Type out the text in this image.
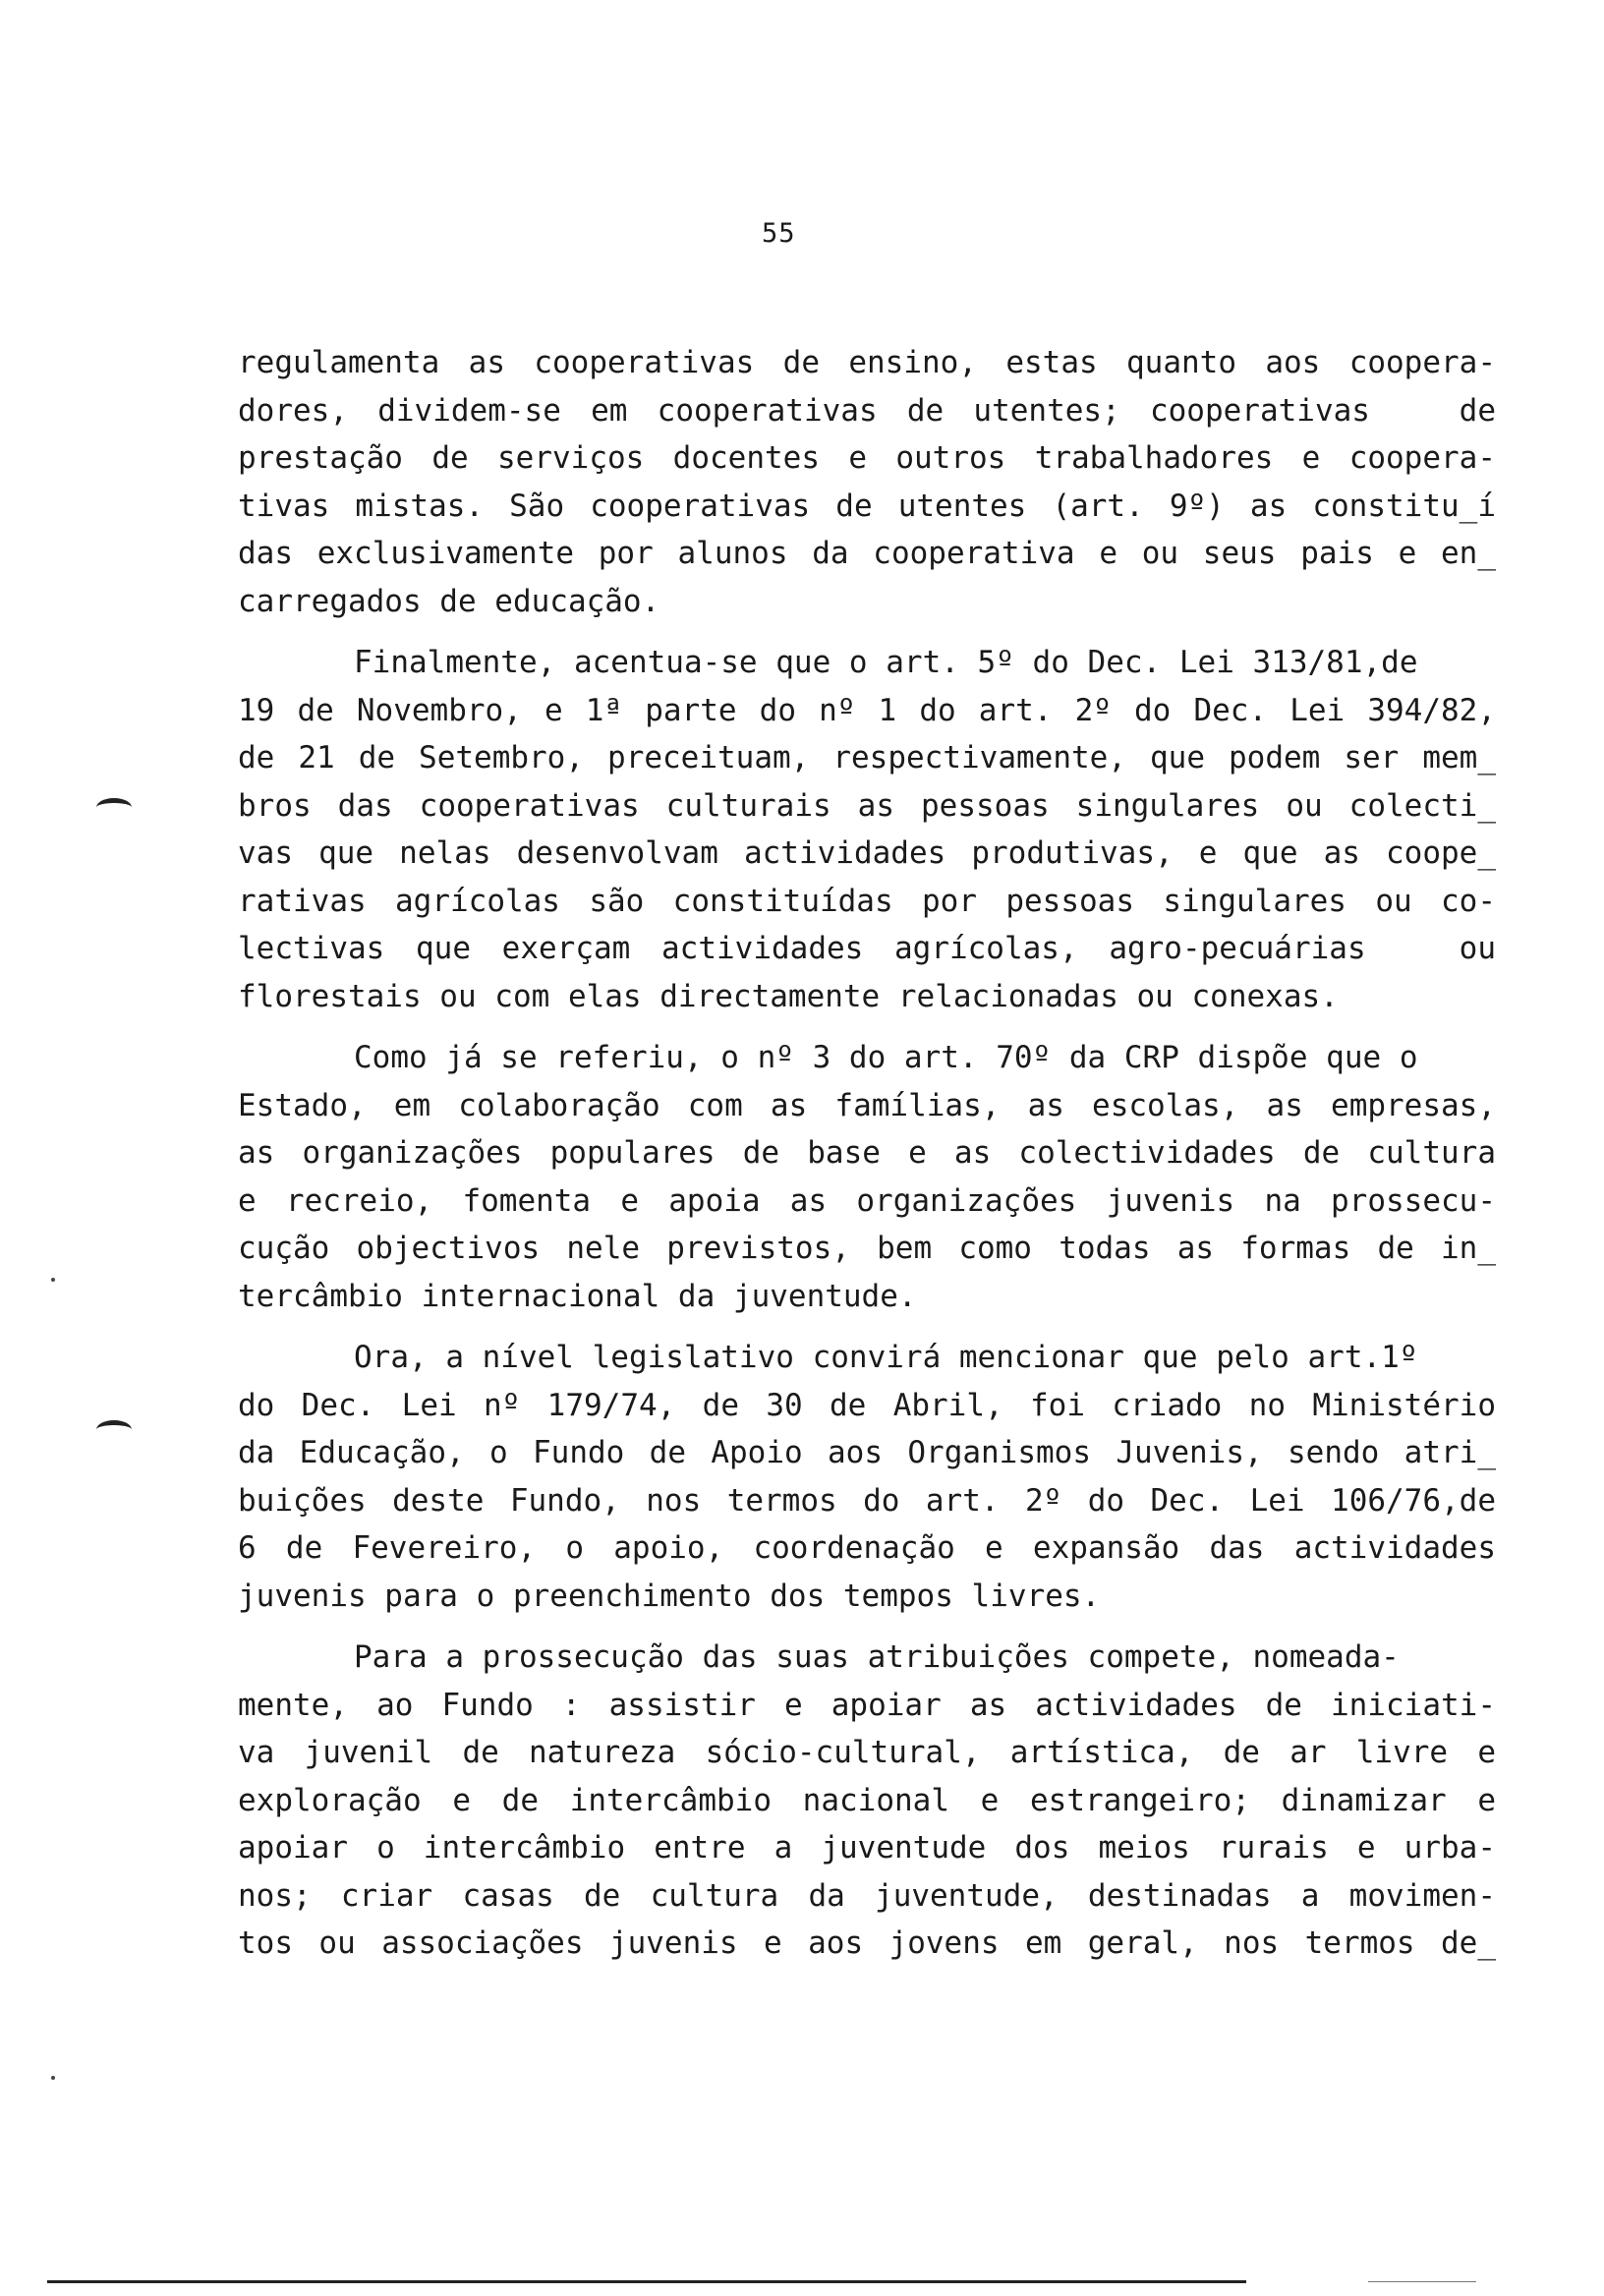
55

regulamenta as cooperativas de ensino, estas quanto aos coopera-
dores, dividem-se em cooperativas de utentes; cooperativas   de
prestação de serviços docentes e outros trabalhadores e coopera-
tivas mistas. São cooperativas de utentes (art. 9º) as constitu_í
das exclusivamente por alunos da cooperativa e ou seus pais e en_
carregados de educação.

Finalmente, acentua-se que o art. 5º do Dec. Lei 313/81,de
19 de Novembro, e 1ª parte do nº 1 do art. 2º do Dec. Lei 394/82,
de 21 de Setembro, preceituam, respectivamente, que podem ser mem_
bros das cooperativas culturais as pessoas singulares ou colecti_
vas que nelas desenvolvam actividades produtivas, e que as coope_
rativas agrícolas são constituídas por pessoas singulares ou co-
lectivas que exerçam actividades agrícolas, agro-pecuárias   ou
florestais ou com elas directamente relacionadas ou conexas.

Como já se referiu, o nº 3 do art. 70º da CRP dispõe que o
Estado, em colaboração com as famílias, as escolas, as empresas,
as organizações populares de base e as colectividades de cultura
e recreio, fomenta e apoia as organizações juvenis na prossecu-
cução objectivos nele previstos, bem como todas as formas de in_
tercâmbio internacional da juventude.

Ora, a nível legislativo convirá mencionar que pelo art.1º
do Dec. Lei nº 179/74, de 30 de Abril, foi criado no Ministério
da Educação, o Fundo de Apoio aos Organismos Juvenis, sendo atri_
buições deste Fundo, nos termos do art. 2º do Dec. Lei 106/76,de
6 de Fevereiro, o apoio, coordenação e expansão das actividades
juvenis para o preenchimento dos tempos livres.

Para a prossecução das suas atribuições compete, nomeada-
mente, ao Fundo : assistir e apoiar as actividades de iniciati-
va juvenil de natureza sócio-cultural, artística, de ar livre e
exploração e de intercâmbio nacional e estrangeiro; dinamizar e
apoiar o intercâmbio entre a juventude dos meios rurais e urba-
nos; criar casas de cultura da juventude, destinadas a movimen-
tos ou associações juvenis e aos jovens em geral, nos termos de_
